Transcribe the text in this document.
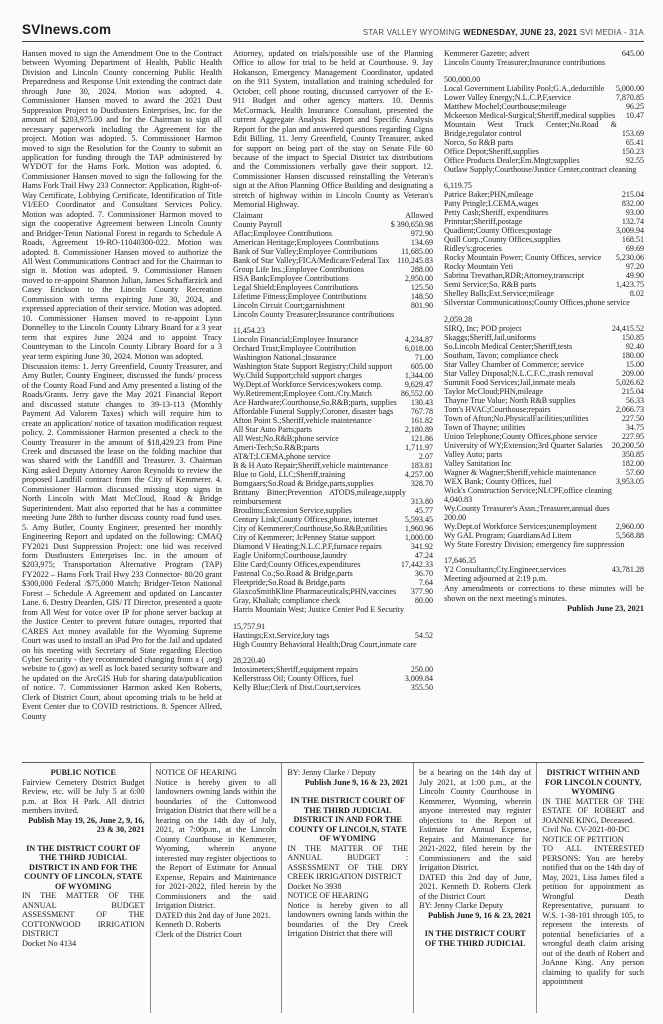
SVInews.com	STAR VALLEY WYOMING WEDNESDAY, JUNE 23, 2021 SVI MEDIA - 31A

Hansen moved to sign the Amendment One to the Contract between Wyoming Department of Health, Public Health Division and Lincoln County concerning Public Health Preparedness and Response Unit extending the contract date through June 30, 2024. Motion was adopted. 4. Commissioner Hansen moved to award the 2021 Dust Suppression Project to Dustbusters Enterprises, Inc. for the amount of $203,975.00 and for the Chairman to sign all necessary paperwork including the Agreement for the project. Motion was adopted. 5. Commissioner Harmon moved to sign the Resolution for the County to submit an application for funding through the TAP administered by WYDOT for the Hams Fork. Motion was adopted. 6. Commissioner Hansen moved to sign the following for the Hams Fork Trail Hwy 233 Connector: Application, Right-of-Way Certificate, Lobbying Certificate, Identification of Title VI/EEO Coordinator and Consultant Services Policy. Motion was adopted. 7. Commissioner Harmon moved to sign the cooperative Agreement between Lincoln County and Bridger-Teton National Forest in regards to Schedule A Roads, Agreement 19-RO-11040300-022. Motion was adopted. 8. Commissioner Hansen moved to authorize the All West Communications Contract and for the Chairman to sign it. Motion was adopted. 9. Commissioner Hansen moved to re-appoint Shannon Julian, James Schaffarzick and Casey Erickson to the Lincoln County Recreation Commission with terms expiring June 30, 2024, and expressed appreciation of their service. Motion was adopted. 10. Commissioner Hansen moved to re-appoint Lynn Donnelley to the Lincoln County Library Board for a 3 year term that expires June 2024 and to appoint Tracy Countryman to the Lincoln County Library Board for a 3 year term expiring June 30, 2024. Motion was adopted.

Discussion items: 1. Jerry Greenfield, County Treasurer, and Amy Butler, County Engineer, discussed the funds/ process of the County Road Fund and Amy presented a listing of the Roads/Grants. Jerry gave the May 2021 Financial Report and discussed statute changes to 39-13-113 (Monthly Payment Ad Valorem Taxes) which will require him to create an application/ notice of taxation modification request policy. 2. Commissioner Harmon presented a check to the County Treasurer in the amount of $18,429.23 from Pine Creek and discussed the lease on the folding machine that was shared with the Landfill and Treasurer. 3. Chairman King asked Deputy Attorney Aaron Reynolds to review the proposed Landfill contract from the City of Kemmerer. 4. Commissioner Harmon discussed missing stop signs in North Lincoln with Matt McCloud, Road & Bridge Superintendent. Matt also reported that he has a committee meeting June 28th to further discuss county road fund uses. 5. Amy Butler, County Engineer, presented her monthly Engineering Report and updated on the following: CMAQ FY2021 Dust Suppression Project: one bid was received form Dustbusters Enterprises Inc. in the amount of $203,975; Transportation Alternative Program (TAP) FY2022 – Hams Fork Trail Hwy 233 Connector- 80/20 grant $300,000 Federal /$75,000 Match; Bridger-Teton National Forest – Schedule A Agreement and updated on Lancaster Lane. 6. Destry Dearden, GIS/ IT Director, presented a quote from All West for voice over IP for phone server backup at the Justice Center to prevent future outages, reported that CARES Act money available for the Wyoming Supreme Court was used to install an iPad Pro for the Jail and updated on his meeting with Secretary of State regarding Election Cyber Security - they recommended changing from a ( .org) website to (.gov) as well as lock based security software and he updated on the ArcGIS Hub for sharing data/publication of notice. 7. Commissioner Harmon asked Ken Roberts, Clerk of District Court, about upcoming trials to be held at Event Center due to COVID restrictions. 8. Spencer Allred, County

Attorney, updated on trials/possible use of the Planning Office to allow for trial to be held at Courthouse. 9. Jay Hokanson, Emergency Management Coordinator, updated on the 911 System, installation and training scheduled for October, cell phone routing, discussed carryover of the E-911 Budget and other agency matters. 10. Dennis McCormack, Health Insurance Consultant, presented the current Aggregate Analysis Report and Specific Analysis Report for the plan and answered questions regarding Cigna Edit Billing. 11. Jerry Greenfield, County Treasurer, asked for support on being part of the stay on Senate File 60 because of the impact to Special District tax distributions and the Commissioners verbally gave their support. 12. Commissioner Hansen discussed reinstalling the Veteran's sign at the Afton Planning Office Building and designating a stretch of highway within in Lincoln County as Veteran's Memorial Highway.

Claimant	Allowed
County Payroll	$ 390,650.98
Aflac;Employee Contributions	972.90
American Heritage;Employees Contributions	134.69
Bank of Star Valley;Employee Contributions	11,685.00
Bank of Star Valley;FICA/Medicare/Federal Tax 110,245.83
Group Life Ins.;Employee Contributions	288.00
HSA Bank;Employee Contributions	2,950.00
Legal Shield;Employees Contributions	125.50
Lifetime Fitness;Employee Contributions	148.50
Lincoln Circuit Court;garnishment	801.90
Lincoln County Treasurer;Insurance contributions
11,454.23
Lincoln Financial;Employee Insurance	4,234.87
Orchard Trust;Employee Contribution	6,018.00
Washington National.;Insurance	71.00
Washington State Support Registry;Child support	605.00
Wy.Child Support;child support charges	1,344.00
Wy.Dept.of Workforce Services;wokers comp.	9,629.47
Wy.Retirement;Employee Cont./Cty.Match	86,552.00
Ace Hardware;Courthouse,So.R&B;parts, supplies	130.43
Affordable Funeral Supply;Coroner, disaster bags	767.78
Afton Point S.;Sheriff,vehicle maintenance	161.82
All Star Auto Parts;parts	2,180.89
All West;No.R&B;phone service	121.86
Ameri-Tech;So.R&B;parts	1,711.97
AT&T;LCEMA,phone service	2.07
B & H Auto Repair;Sheriff,vehicle maintenance	183.81
Blue to Gold, LLC;Sheriff,training	4,257.00
Bomgaars;So.Road & Bridge,parts,supplies	328.70
Brittany Bitter;Prevention ATODS,mileage,supply reimbursement	313.80
Broulims;Extension Service,supplies	45.77
Century Link;County Offices,phone, internet	5,593.45
City of Kemmerer;Courthouse,So.R&B;utilities	1,960.96
City of Kemmerer; JcPenney Statue support	1,000.00
Diamond V Heating;N.L.C.P.F,furnace repairs	341.92
Eagle Uniform;Courthouse,laundry	47.24
Elite Card;County Offices,expenditures	17,442.33
Fastenal Co.;So.Road & Bridge,parts	36.70
Fleetpride;So.Road & Bridge,parts	7.64
GlaxcoSmithKline Pharmaceuticals;PHN,vaccines	377.90
Gray, Khaliah; compliance check	80.00
Harris Mountain West; Justice Center Pod E Security
15,757.91
Hastings;Ext.Service,key tags	54.52
High Country Behavioral Health;Drug Court,inmate care
28,220.40
Intoximeters;Sheriff,equipment repairs	250.00
Kellerstrass Oil; County Offices, fuel	3,009.84
Kelly Blue;Clerk of Dist.Court,services	355.50
Kemmerer Gazette; advert	645.00
Lincoln County Treasurer;Insurance contributions
500,000.00
Local Government Liability Pool;G.A.,deductible	5,000.00
Lower Valley Energy;N.L.C.P.F,service	7,870.85
Matthew Mochel;Courthouse;mileage	96.25
Mckeeson Medical-Surgical;Sheriff,medical supplies	10.47
Mountain West Truck Center;No.Road & Bridge,regulator control	153.69
Norco, So R&B parts	65.41
Office Depot;Sheriff,supplies	150.23
Office Products Dealer;Em.Mngt;supplies	92.55
Outlaw Supply;Courthouse/Justice Center,contract cleaning
6,119.75
Patrice Baker;PHN,mileage	215.04
Patty Pringle;LCEMA,wages	832.00
Petty Cash;Sheriff, expenditures	93.00
Printstar;Sheriff,postage	132.74
Quadient;County Offices;postage	3,009.94
Quill Corp.;County Offices,supplies	168.51
Ridley's;groceries	69.69
Rocky Mountain Power; County Offices, service	5,230.06
Rocky Mountain Yeti	97.20
Sabrina Trevathan,RDR;Attorney,transcript	49.90
Semi Service;So. R&B parts	1,423.75
Shelley Balls;Ext.Service;mileage	8.02
Silverstar Communications;County Offices,phone service
2,059.28
SIRQ, Inc; POD project	24,415.52
Skaggs;Sheriff,Jail,uniforms	150.85
So.Lincoln Medical Center;Sheriff,tests	92.40
Southam, Tavon; compliance check	180.00
Star Valley Chamber of Commerce; service	15.00
Star Valley Disposal;N.L.C.F.C.,trash removal	209.00
Summit Food Services;Jail,inmate meals	5,026.62
Taylor McCloud;PHN,mileage	215.04
Thayne True Value; North R&B supplies	56.33
Tom's HVAC;Courthouse;repairs	2,066.73
Town of Afton;No.PhysicalFacilities;utilities	227.50
Town of Thayne; utilities	34.75
Union Telephone;County Offices,phone service	227.95
University of WY;Extension;3rd Quarter Salaries	20,200.50
Valley Auto; parts	350.85
Valley Sanitation Inc	182.00
Wagner & Wagner;Sheriff,vehicle maintenance	57.60
WEX Bank; County Offices, fuel	3,953.05
Wick's Construction Service;NLCPF,office cleaning
4,040.83
Wy.County Treasurer's Assn.;Treasurer,annual dues
200.00
Wy.Dept.of Workforce Services;unemployment	2,960.00
Wy GAL Program; GuardiansAd Litem	5,568.88
Wy State Forestry Division; emergency fire suppression
17,646.35
Y2 Consultants;Cty.Engineer,services	43,781.28

Meeting adjourned at 2:19 p.m.

Any amendments or corrections to these minutes will be shown on the next meeting's minutes.

Publish June 23, 2021

PUBLIC NOTICE

Fairview Cemetery District Budget Review, etc. will be July 5 at 6:00 p.m. at Box H Park. All district members invited.

Publish May 19, 26, June 2, 9, 16, 23 & 30, 2021

IN THE DISTRICT COURT OF THE THIRD JUDICIAL DISTRICT IN AND FOR THE COUNTY OF LINCOLN, STATE OF WYOMING

IN THE MATTER OF THE ANNUAL BUDGET ASSESSMENT OF THE COTTONWOOD IRRIGATION DISTRICT

Docket No 4134

NOTICE OF HEARING

Notice is hereby given to all landowners owning lands within the boundaries of the Cottonwood Irrigation District that there will be a hearing on the 14th day of July, 2021, at 7:00p.m., at the Lincoln County Courthouse in Kemmerer, Wyoming, wherein anyone interested may register objections to the Report of Estimate for Annual Expense, Repairs and Maintenance for 2021-2022, filed herein by the Commissioners and the said Irrigation District.

DATED this 2nd day of June 2021.

Kenneth D. Roberts

Clerk of the District Court

BY: Jenny Clarke / Deputy

Publish June 9, 16 & 23, 2021

IN THE DISTRICT COURT OF THE THIRD JUDICIAL DISTRICT IN AND FOR THE COUNTY OF LINCOLN, STATE OF WYOMING

IN THE MATTER OF THE ANNUAL BUDGET : ASSESSMENT OF THE DRY CREEK IRRIGATION DISTRICT

Docket No 3938

NOTICE OF HEARING

Notice is hereby given to all landowners owning lands within the boundaries of the Dry Creek Irrigation District that there will

be a hearing on the 14th day of July 2021, at 1:00 p.m., at the Lincoln County Courthouse in Kemmerer, Wyoming, wherein anyone interested may register objections to the Report of Estimate for Annual Expense, Repairs and Maintenance for 2021-2022, filed herein by the Commissioners and the said Irrigation District.

DATED this 2nd day of June, 2021. Kenneth D. Roberts Clerk of the District Court

BY: Jenny Clarke Deputy

Publish June 9, 16 & 23, 2021

IN THE DISTRICT COURT OF THE THIRD JUDICIAL

DISTRICT WITHIN AND FOR LINCOLN COUNTY, WYOMING

IN THE MATTER OF THE ESTATE OF ROBERT and JOANNE KING, Deceased.

Civil No. CV-2021-80-DC

NOTICE OF PETITION

TO ALL INTERESTED PERSONS: You are hereby notified that on the 14th day of May, 2021, Lisa James filed a petition for appointment as Wrongful Death Representative, pursuant to W.S. 1-38-101 through 105, to represent the interests of potential beneficiaries of a wrongful death claim arising out of the death of Robert and JoAnne King. Any person claiming to qualify for such appointment
